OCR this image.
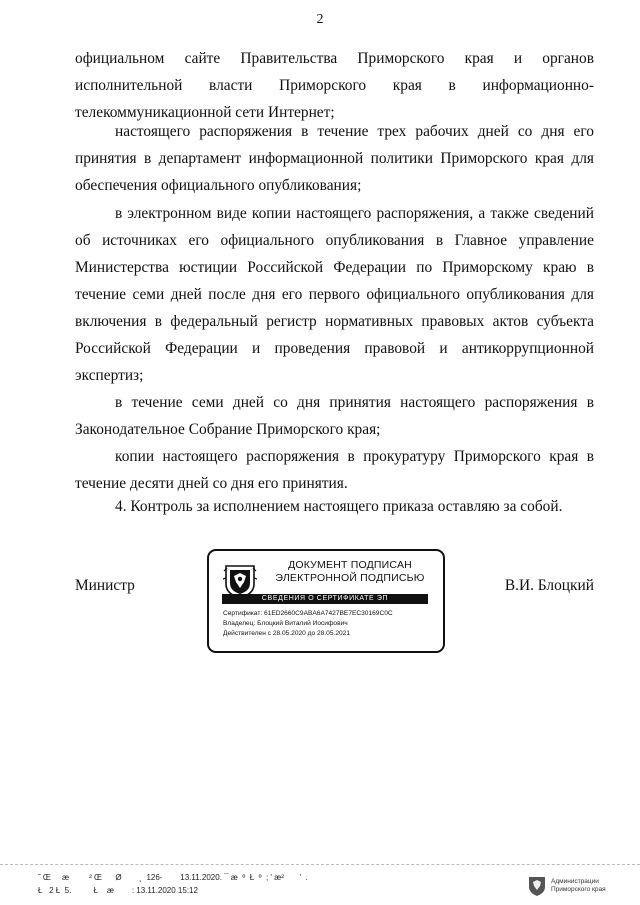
2
официальном сайте Правительства Приморского края и органов
исполнительной власти Приморского края в информационно-
телекоммуникационной сети Интернет;
настоящего распоряжения в течение трех рабочих дней со дня его
принятия в департамент информационной политики Приморского края для
обеспечения официального опубликования;
в электронном виде копии настоящего распоряжения, а также сведений
об источниках его официального опубликования в Главное управление
Министерства юстиции Российской Федерации по Приморскому краю в
течение семи дней после дня его первого официального опубликования для
включения в федеральный регистр нормативных правовых актов субъекта
Российской Федерации и проведения правовой и антикоррупционной
экспертиз;
в течение семи дней со дня принятия настоящего распоряжения в
Законодательное Собрание Приморского края;
копии настоящего распоряжения в прокуратуру Приморского края в
течение десяти дней со дня его принятия.
4. Контроль за исполнением настоящего приказа оставляю за собой.
Министр
ДОКУМЕНТ ПОДПИСАН
ЭЛЕКТРОННОЙ ПОДПИСЬЮ
СВЕДЕНИЯ О СЕРТИФИКАТЕ ЭП
Сертификат: 61ED2660C9ABA6A7427BE7EC30169C0C
Владелец: Блоцкий Виталий Иосифович
Действителен с 28.05.2020 до 28.05.2021
В.И. Блоцкий
˜ Œ     æ         ² Œ      Ø        ˛  126-        13.11.2020. ¯ æ  º  Ł  º  ; ' æ²       '  .
Ł   2 Ł  5.          Ł    æ        : 13.11.2020 15:12
Администрации
Приморского края
